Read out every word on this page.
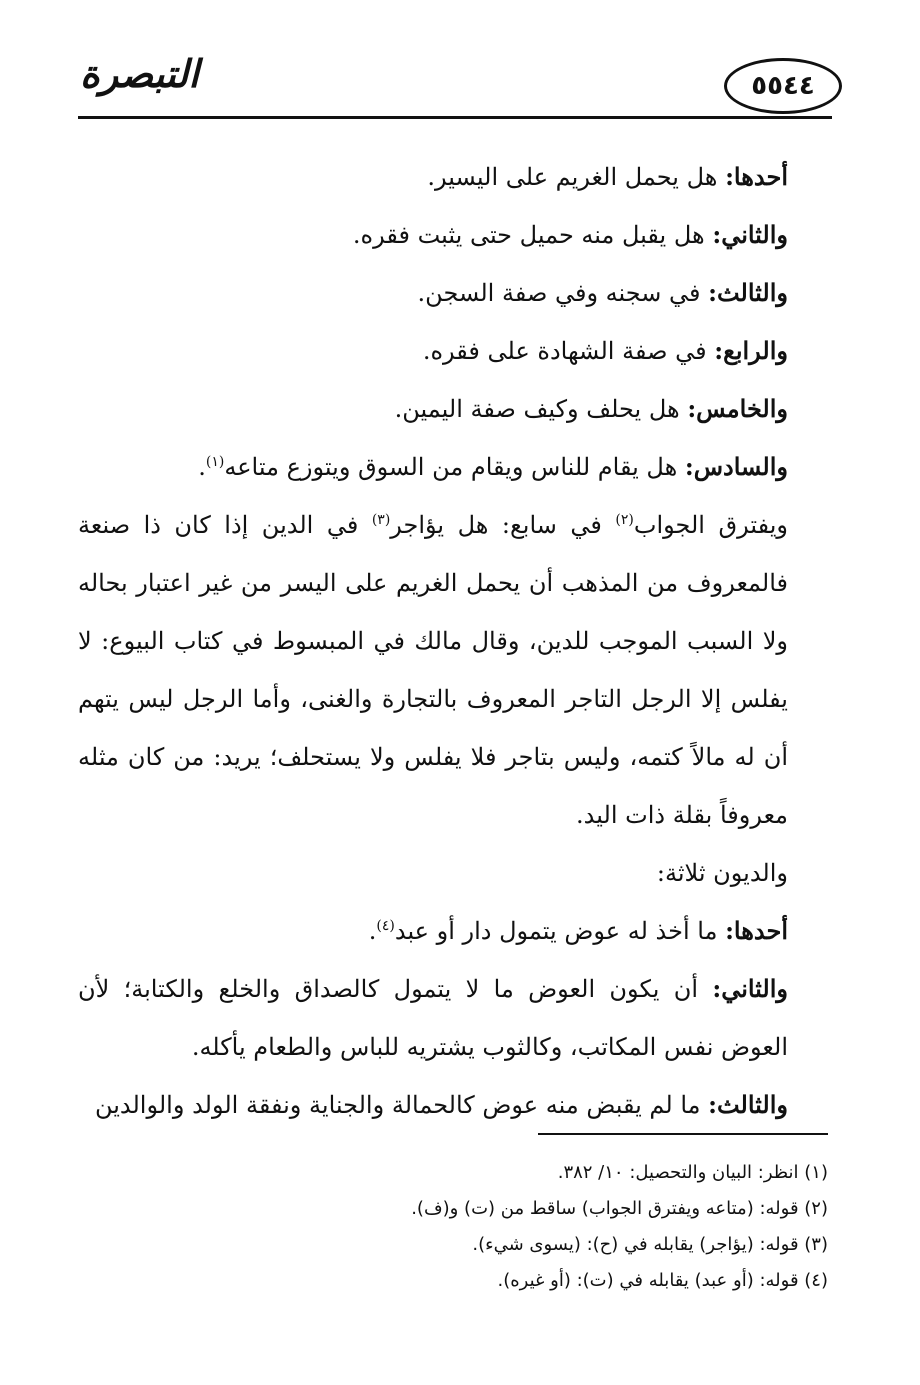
التبصرة	٥٥٤٤

أحدها: هل يحمل الغريم على اليسير.

والثاني: هل يقبل منه حميل حتى يثبت فقره.

والثالث: في سجنه وفي صفة السجن.

والرابع: في صفة الشهادة على فقره.

والخامس: هل يحلف وكيف صفة اليمين.

والسادس: هل يقام للناس ويقام من السوق ويتوزع متاعه$^{(١)}$.

ويفترق الجواب$^{(٢)}$ في سابع: هل يؤاجر$^{(٣)}$ في الدين إذا كان ذا صنعة فالمعروف من المذهب أن يحمل الغريم على اليسر من غير اعتبار بحاله ولا السبب الموجب للدين، وقال مالك في المبسوط في كتاب البيوع: لا يفلس إلا الرجل التاجر المعروف بالتجارة والغنى، وأما الرجل ليس يتهم أن له مالاً كتمه، وليس بتاجر فلا يفلس ولا يستحلف؛ يريد: من كان مثله معروفاً بقلة ذات اليد.

والديون ثلاثة:

أحدها: ما أخذ له عوض يتمول دار أو عبد$^{(٤)}$.

والثاني: أن يكون العوض ما لا يتمول كالصداق والخلع والكتابة؛ لأن العوض نفس المكاتب، وكالثوب يشتريه للباس والطعام يأكله.

والثالث: ما لم يقبض منه عوض كالحمالة والجناية ونفقة الولد والوالدين

(١) انظر: البيان والتحصيل: ١٠/ ٣٨٢.

(٢) قوله: (متاعه ويفترق الجواب) ساقط من (ت) و(ف).

(٣) قوله: (يؤاجر) يقابله في (ح): (يسوى شيء).

(٤) قوله: (أو عبد) يقابله في (ت): (أو غيره).
